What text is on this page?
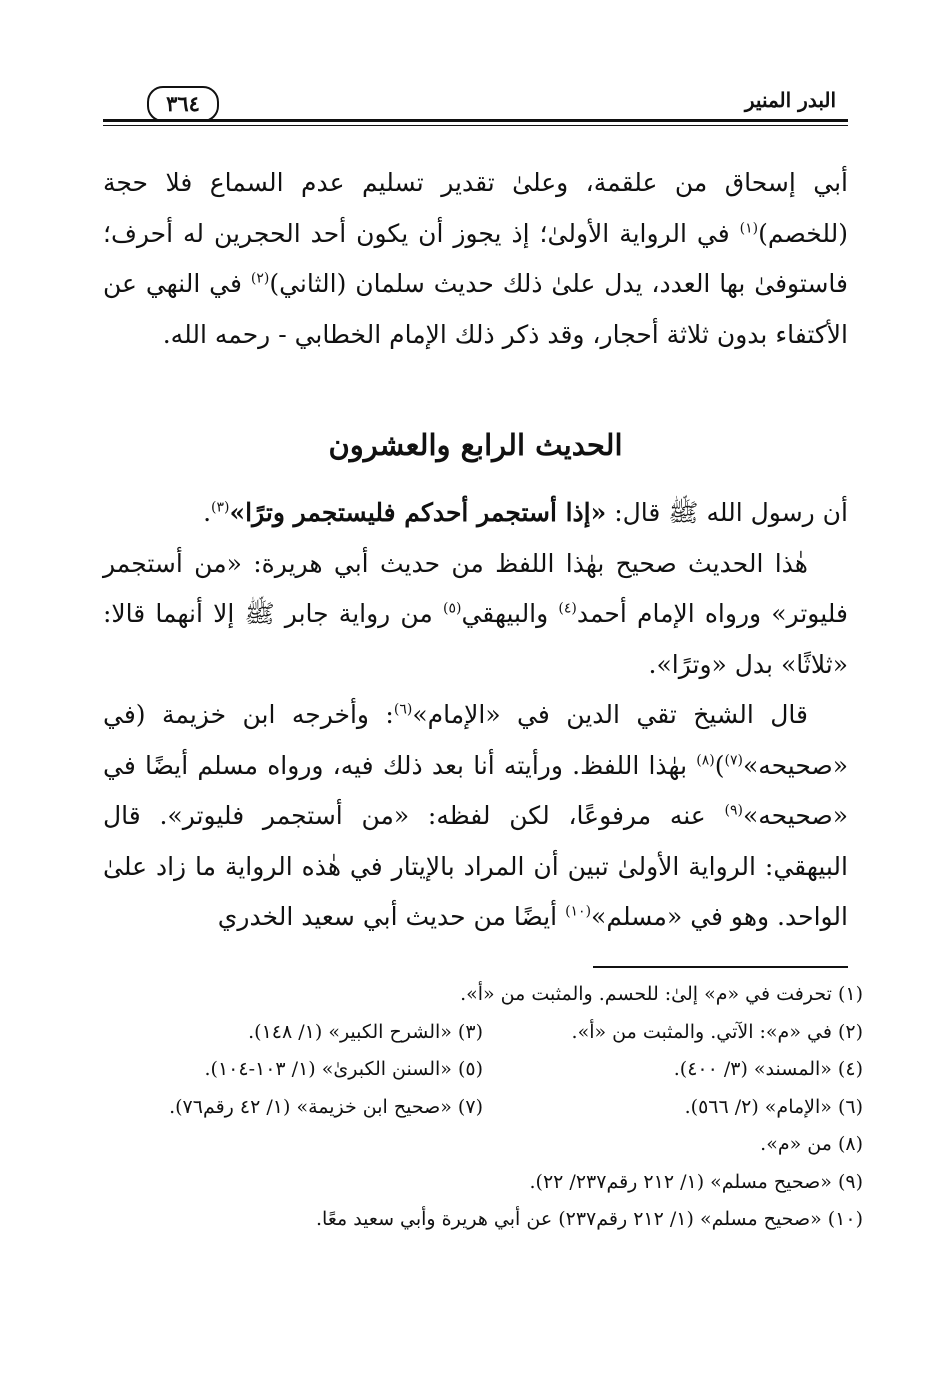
البدر المنير
٣٦٤

أبي إسحاق من علقمة، وعلىٰ تقدير تسليم عدم السماع فلا حجة (للخصم)$^{(١)}$ في الرواية الأولىٰ؛ إذ يجوز أن يكون أحد الحجرين له أحرف؛ فاستوفىٰ بها العدد، يدل علىٰ ذلك حديث سلمان (الثاني)$^{(٢)}$ في النهي عن الأكتفاء بدون ثلاثة أحجار، وقد ذكر ذلك الإمام الخطابي - رحمه الله.

الحديث الرابع والعشرون

أن رسول الله ﷺ قال: «إذا أستجمر أحدكم فليستجمر وترًا»$^{(٣)}$.

هٰذا الحديث صحيح بهٰذا اللفظ من حديث أبي هريرة: «من أستجمر فليوتر» ورواه الإمام أحمد$^{(٤)}$ والبيهقي$^{(٥)}$ من رواية جابر ﷺ إلا أنهما قالا: «ثلاثًا» بدل «وترًا».

قال الشيخ تقي الدين في «الإمام»$^{(٦)}$: وأخرجه ابن خزيمة (في «صحيحه»$^{(٧)}$)$^{(٨)}$ بهٰذا اللفظ. ورأيته أنا بعد ذلك فيه، ورواه مسلم أيضًا في «صحيحه»$^{(٩)}$ عنه مرفوعًا، لكن لفظه: «من أستجمر فليوتر». قال البيهقي: الرواية الأولىٰ تبين أن المراد بالإيتار في هٰذه الرواية ما زاد علىٰ الواحد. وهو في «مسلم»$^{(١٠)}$ أيضًا من حديث أبي سعيد الخدري

(١) تحرفت في «م» إلىٰ: للحسم. والمثبت من «أ».
(٢) في «م»: الآتي. والمثبت من «أ».
(٣) «الشرح الكبير» (١/ ١٤٨).
(٤) «المسند» (٣/ ٤٠٠).
(٥) «السنن الكبرىٰ» (١/ ١٠٣-١٠٤).
(٦) «الإمام» (٢/ ٥٦٦).
(٧) «صحيح ابن خزيمة» (١/ ٤٢ رقم٧٦).
(٨) من «م».
(٩) «صحيح مسلم» (١/ ٢١٢ رقم٢٣٧/ ٢٢).
(١٠) «صحيح مسلم» (١/ ٢١٢ رقم٢٣٧) عن أبي هريرة وأبي سعيد معًا.
